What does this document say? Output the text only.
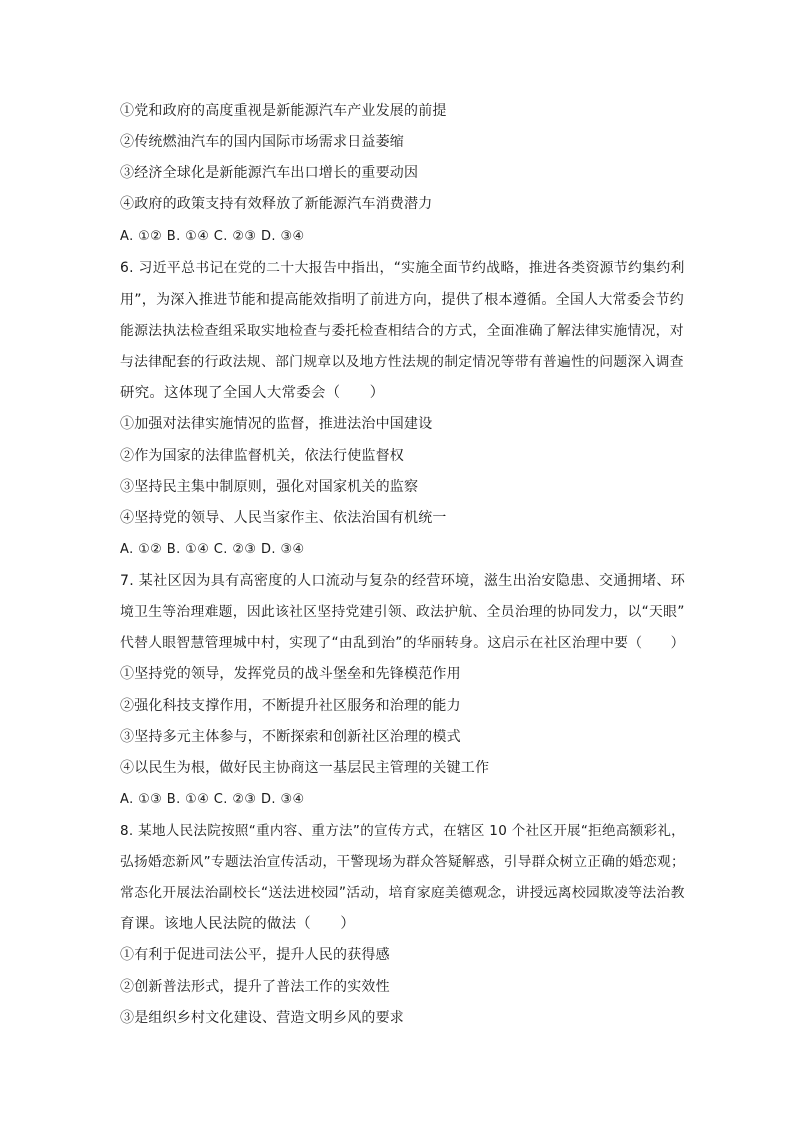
①党和政府的高度重视是新能源汽车产业发展的前提
②传统燃油汽车的国内国际市场需求日益萎缩
③经济全球化是新能源汽车出口增长的重要动因
④政府的政策支持有效释放了新能源汽车消费潜力
A. ①② B. ①④ C. ②③ D. ③④
6. 习近平总书记在党的二十大报告中指出，“实施全面节约战略，推进各类资源节约集约利
用”，为深入推进节能和提高能效指明了前进方向，提供了根本遵循。全国人大常委会节约
能源法执法检查组采取实地检查与委托检查相结合的方式，全面准确了解法律实施情况，对
与法律配套的行政法规、部门规章以及地方性法规的制定情况等带有普遍性的问题深入调查
研究。这体现了全国人大常委会（　　）
①加强对法律实施情况的监督，推进法治中国建设
②作为国家的法律监督机关，依法行使监督权
③坚持民主集中制原则，强化对国家机关的监察
④坚持党的领导、人民当家作主、依法治国有机统一
A. ①② B. ①④ C. ②③ D. ③④
7. 某社区因为具有高密度的人口流动与复杂的经营环境，滋生出治安隐患、交通拥堵、环
境卫生等治理难题，因此该社区坚持党建引领、政法护航、全员治理的协同发力，以“天眼”
代替人眼智慧管理城中村，实现了“由乱到治”的华丽转身。这启示在社区治理中要（　　）
①坚持党的领导，发挥党员的战斗堡垒和先锋模范作用
②强化科技支撑作用，不断提升社区服务和治理的能力
③坚持多元主体参与，不断探索和创新社区治理的模式
④以民生为根，做好民主协商这一基层民主管理的关键工作
A. ①③ B. ①④ C. ②③ D. ③④
8. 某地人民法院按照“重内容、重方法”的宣传方式，在辖区 10 个社区开展“拒绝高额彩礼，
弘扬婚恋新风”专题法治宣传活动，干警现场为群众答疑解惑，引导群众树立正确的婚恋观；
常态化开展法治副校长“送法进校园”活动，培育家庭美德观念，讲授远离校园欺凌等法治教
育课。该地人民法院的做法（　　）
①有利于促进司法公平，提升人民的获得感
②创新普法形式，提升了普法工作的实效性
③是组织乡村文化建设、营造文明乡风的要求
